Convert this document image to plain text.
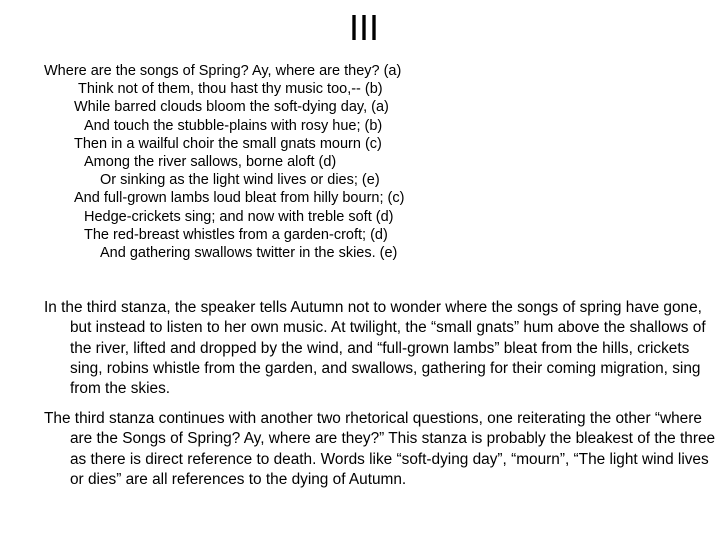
III
Where are the songs of Spring? Ay, where are they? (a)
Think not of them, thou hast thy music too,-- (b)
While barred clouds bloom the soft-dying day, (a)
And touch the stubble-plains with rosy hue; (b)
Then in a wailful choir the small gnats mourn (c)
Among the river sallows, borne aloft (d)
Or sinking as the light wind lives or dies; (e)
And full-grown lambs loud bleat from hilly bourn; (c)
Hedge-crickets sing; and now with treble soft (d)
The red-breast whistles from a garden-croft; (d)
And gathering swallows twitter in the skies. (e)

In the third stanza, the speaker tells Autumn not to wonder where the songs of spring have gone, but instead to listen to her own music. At twilight, the “small gnats” hum above the shallows of the river, lifted and dropped by the wind, and “full-grown lambs” bleat from the hills, crickets sing, robins whistle from the garden, and swallows, gathering for their coming migration, sing from the skies.

The third stanza continues with another two rhetorical questions, one reiterating the other “where are the Songs of Spring? Ay, where are they?” This stanza is probably the bleakest of the three as there is direct reference to death. Words like “soft-dying day”, “mourn”, “The light wind lives or dies” are all references to the dying of Autumn.
